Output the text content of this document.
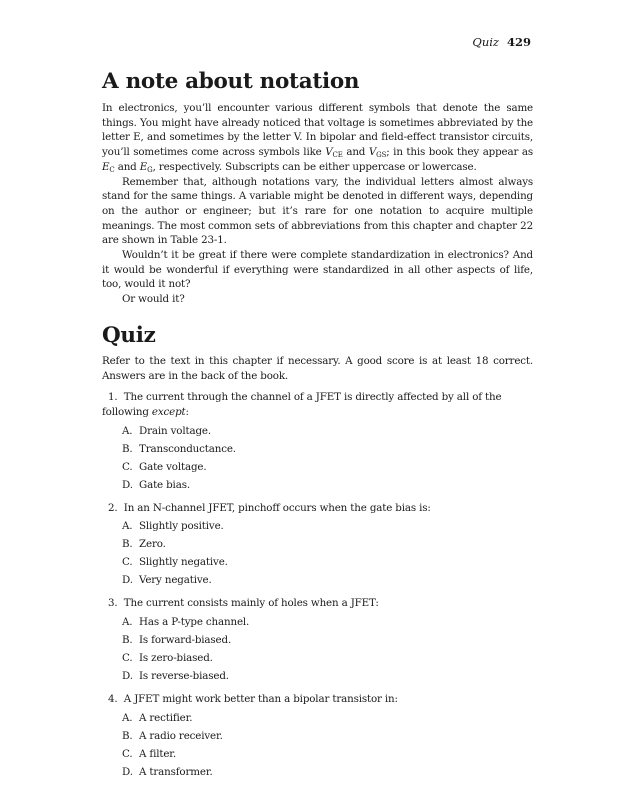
Quiz 429
A note about notation

In electronics, you’ll encounter various different symbols that denote the same things. You might have already noticed that voltage is sometimes abbreviated by the letter E, and sometimes by the letter V. In bipolar and field-effect transistor circuits, you’ll sometimes come across symbols like $V_{CE}$ and $V_{GS}$; in this book they appear as $E_C$ and $E_G$, respectively. Subscripts can be either uppercase or lowercase.

Remember that, although notations vary, the individual letters almost always stand for the same things. A variable might be denoted in different ways, depending on the author or engineer; but it’s rare for one notation to acquire multiple meanings. The most common sets of abbreviations from this chapter and chapter 22 are shown in Table 23-1.

Wouldn’t it be great if there were complete standardization in electronics? And it would be wonderful if everything were standardized in all other aspects of life, too, would it not?

Or would it?

Quiz

Refer to the text in this chapter if necessary. A good score is at least 18 correct. Answers are in the back of the book.

1. The current through the channel of a JFET is directly affected by all of the following except:
A. Drain voltage.
B. Transconductance.
C. Gate voltage.
D. Gate bias.
2. In an N-channel JFET, pinchoff occurs when the gate bias is:
A. Slightly positive.
B. Zero.
C. Slightly negative.
D. Very negative.
3. The current consists mainly of holes when a JFET:
A. Has a P-type channel.
B. Is forward-biased.
C. Is zero-biased.
D. Is reverse-biased.
4. A JFET might work better than a bipolar transistor in:
A. A rectifier.
B. A radio receiver.
C. A filter.
D. A transformer.
